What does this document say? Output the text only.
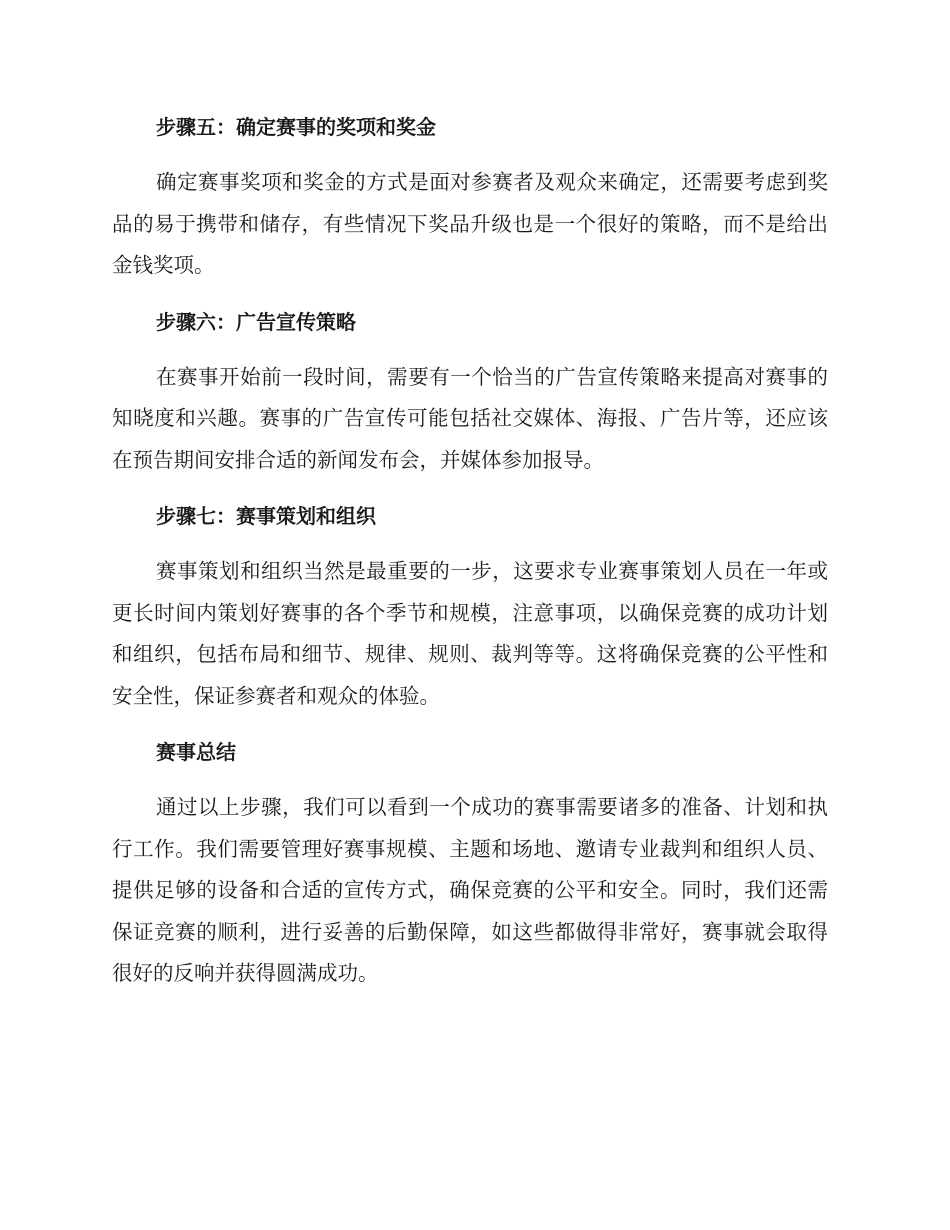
步骤五：确定赛事的奖项和奖金

确定赛事奖项和奖金的方式是面对参赛者及观众来确定，还需要考虑到奖品的易于携带和储存，有些情况下奖品升级也是一个很好的策略，而不是给出金钱奖项。

步骤六：广告宣传策略

在赛事开始前一段时间，需要有一个恰当的广告宣传策略来提高对赛事的知晓度和兴趣。赛事的广告宣传可能包括社交媒体、海报、广告片等，还应该在预告期间安排合适的新闻发布会，并媒体参加报导。

步骤七：赛事策划和组织

赛事策划和组织当然是最重要的一步，这要求专业赛事策划人员在一年或更长时间内策划好赛事的各个季节和规模，注意事项，以确保竞赛的成功计划和组织，包括布局和细节、规律、规则、裁判等等。这将确保竞赛的公平性和安全性，保证参赛者和观众的体验。

赛事总结

通过以上步骤，我们可以看到一个成功的赛事需要诸多的准备、计划和执行工作。我们需要管理好赛事规模、主题和场地、邀请专业裁判和组织人员、提供足够的设备和合适的宣传方式，确保竞赛的公平和安全。同时，我们还需保证竞赛的顺利，进行妥善的后勤保障，如这些都做得非常好，赛事就会取得很好的反响并获得圆满成功。
